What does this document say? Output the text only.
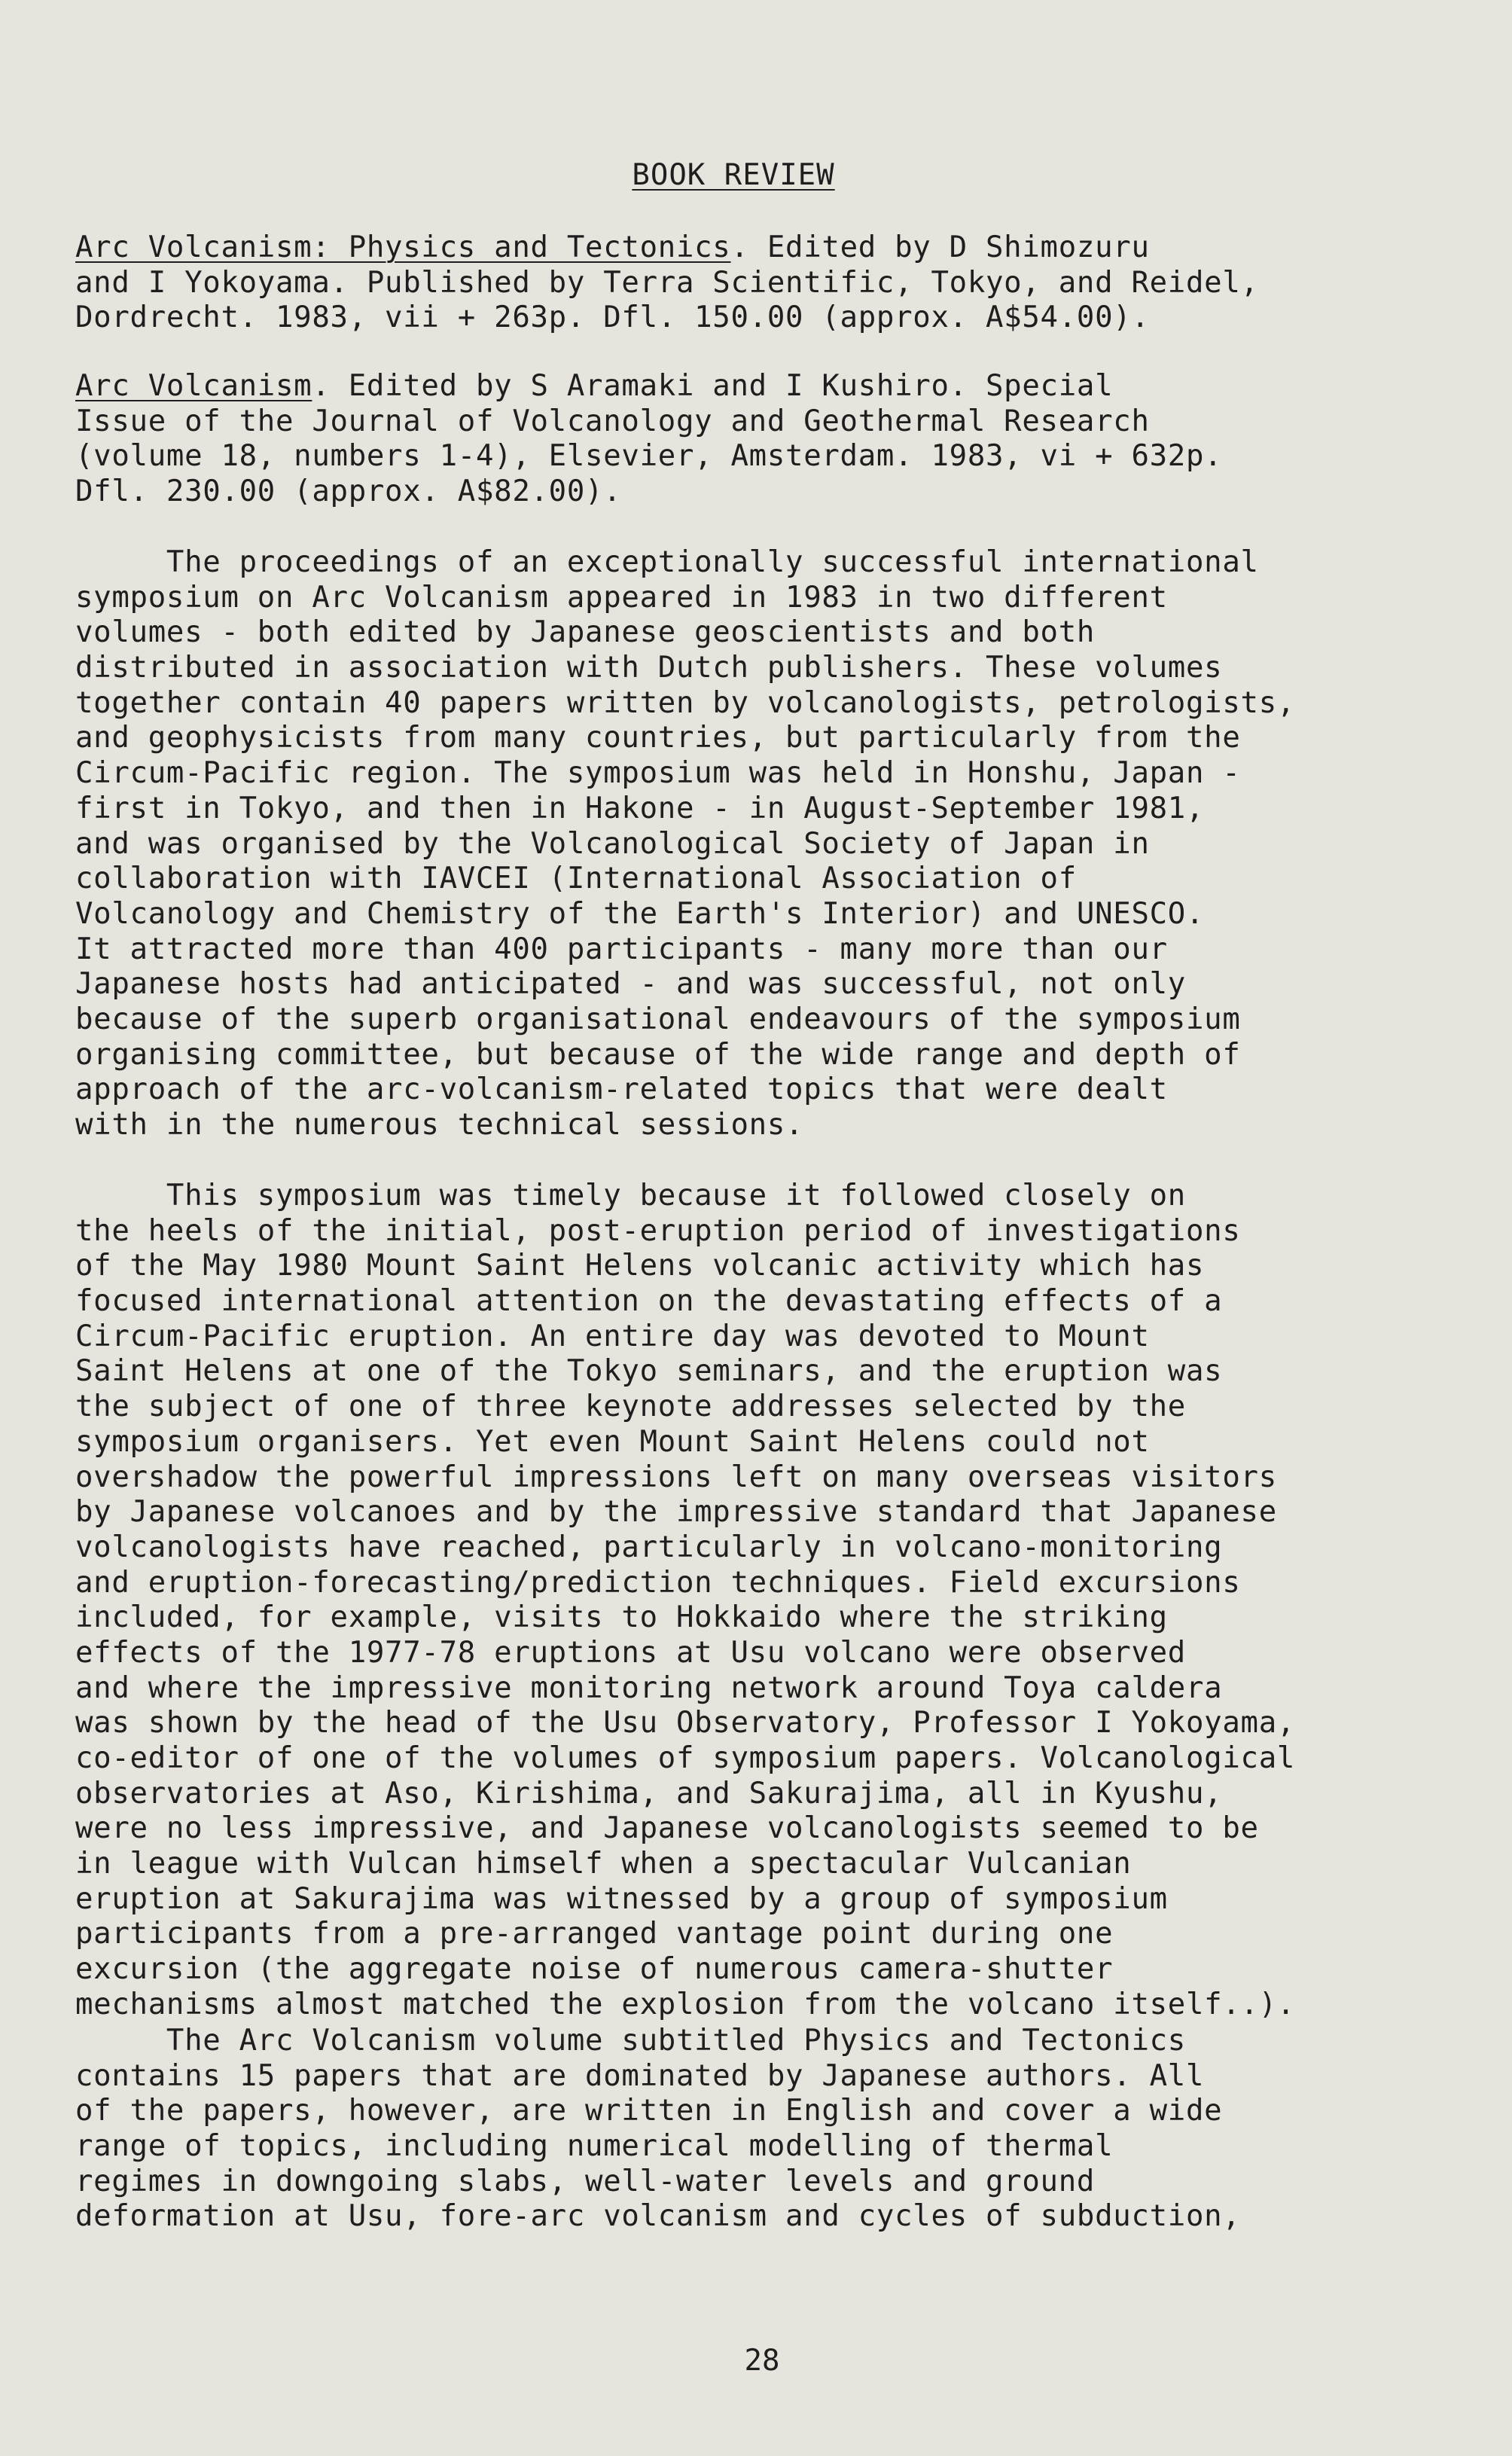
BOOK REVIEW
Arc Volcanism: Physics and Tectonics. Edited by D Shimozuru
and I Yokoyama. Published by Terra Scientific, Tokyo, and Reidel,
Dordrecht. 1983, vii + 263p. Dfl. 150.00 (approx. A$54.00).
Arc Volcanism. Edited by S Aramaki and I Kushiro. Special
Issue of the Journal of Volcanology and Geothermal Research
(volume 18, numbers 1-4), Elsevier, Amsterdam. 1983, vi + 632p.
Dfl. 230.00 (approx. A$82.00).
The proceedings of an exceptionally successful international
symposium on Arc Volcanism appeared in 1983 in two different
volumes - both edited by Japanese geoscientists and both
distributed in association with Dutch publishers. These volumes
together contain 40 papers written by volcanologists, petrologists,
and geophysicists from many countries, but particularly from the
Circum-Pacific region. The symposium was held in Honshu, Japan -
first in Tokyo, and then in Hakone - in August-September 1981,
and was organised by the Volcanological Society of Japan in
collaboration with IAVCEI (International Association of
Volcanology and Chemistry of the Earth's Interior) and UNESCO.
It attracted more than 400 participants - many more than our
Japanese hosts had anticipated - and was successful, not only
because of the superb organisational endeavours of the symposium
organising committee, but because of the wide range and depth of
approach of the arc-volcanism-related topics that were dealt
with in the numerous technical sessions.
This symposium was timely because it followed closely on
the heels of the initial, post-eruption period of investigations
of the May 1980 Mount Saint Helens volcanic activity which has
focused international attention on the devastating effects of a
Circum-Pacific eruption. An entire day was devoted to Mount
Saint Helens at one of the Tokyo seminars, and the eruption was
the subject of one of three keynote addresses selected by the
symposium organisers. Yet even Mount Saint Helens could not
overshadow the powerful impressions left on many overseas visitors
by Japanese volcanoes and by the impressive standard that Japanese
volcanologists have reached, particularly in volcano-monitoring
and eruption-forecasting/prediction techniques. Field excursions
included, for example, visits to Hokkaido where the striking
effects of the 1977-78 eruptions at Usu volcano were observed
and where the impressive monitoring network around Toya caldera
was shown by the head of the Usu Observatory, Professor I Yokoyama,
co-editor of one of the volumes of symposium papers. Volcanological
observatories at Aso, Kirishima, and Sakurajima, all in Kyushu,
were no less impressive, and Japanese volcanologists seemed to be
in league with Vulcan himself when a spectacular Vulcanian
eruption at Sakurajima was witnessed by a group of symposium
participants from a pre-arranged vantage point during one
excursion (the aggregate noise of numerous camera-shutter
mechanisms almost matched the explosion from the volcano itself..).
The Arc Volcanism volume subtitled Physics and Tectonics
contains 15 papers that are dominated by Japanese authors. All
of the papers, however, are written in English and cover a wide
range of topics, including numerical modelling of thermal
regimes in downgoing slabs, well-water levels and ground
deformation at Usu, fore-arc volcanism and cycles of subduction,
28
